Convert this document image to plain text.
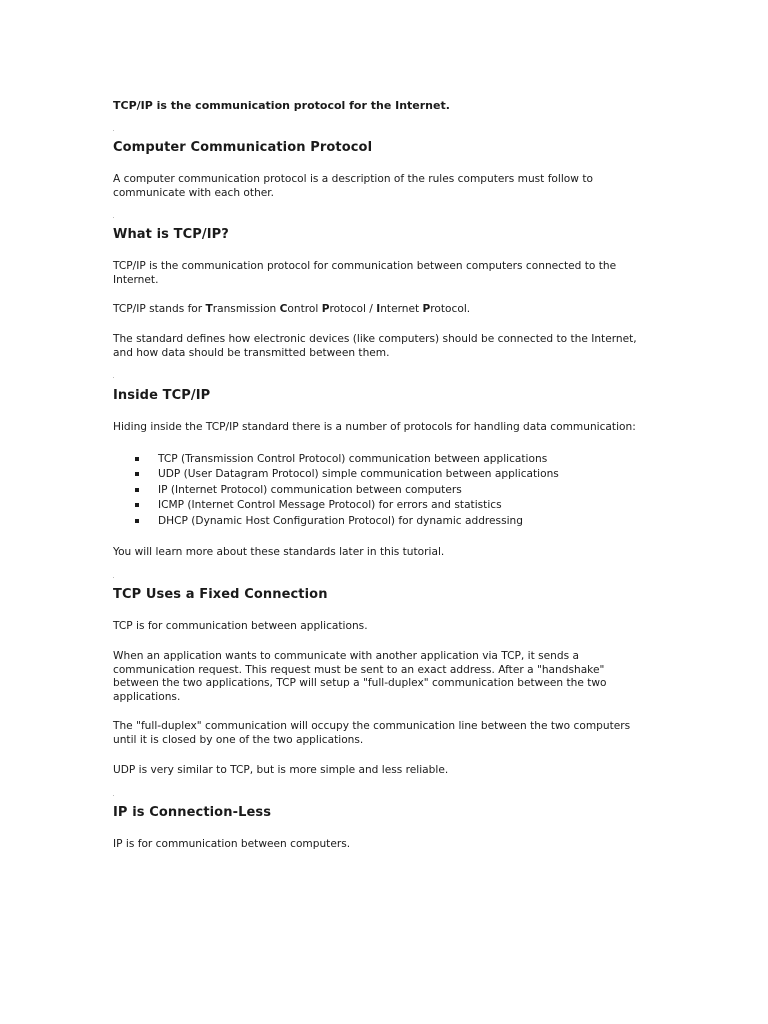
TCP/IP is the communication protocol for the Internet.
Computer Communication Protocol
A computer communication protocol is a description of the rules computers must follow to
communicate with each other.
What is TCP/IP?
TCP/IP is the communication protocol for communication between computers connected to the
Internet.
TCP/IP stands for Transmission Control Protocol / Internet Protocol.
The standard defines how electronic devices (like computers) should be connected to the Internet,
and how data should be transmitted between them.
Inside TCP/IP
Hiding inside the TCP/IP standard there is a number of protocols for handling data communication:
TCP (Transmission Control Protocol) communication between applications
UDP (User Datagram Protocol) simple communication between applications
IP (Internet Protocol) communication between computers
ICMP (Internet Control Message Protocol) for errors and statistics
DHCP (Dynamic Host Configuration Protocol) for dynamic addressing
You will learn more about these standards later in this tutorial.
TCP Uses a Fixed Connection
TCP is for communication between applications.
When an application wants to communicate with another application via TCP, it sends a
communication request. This request must be sent to an exact address. After a "handshake"
between the two applications, TCP will setup a "full-duplex" communication between the two
applications.
The "full-duplex" communication will occupy the communication line between the two computers
until it is closed by one of the two applications.
UDP is very similar to TCP, but is more simple and less reliable.
IP is Connection-Less
IP is for communication between computers.
